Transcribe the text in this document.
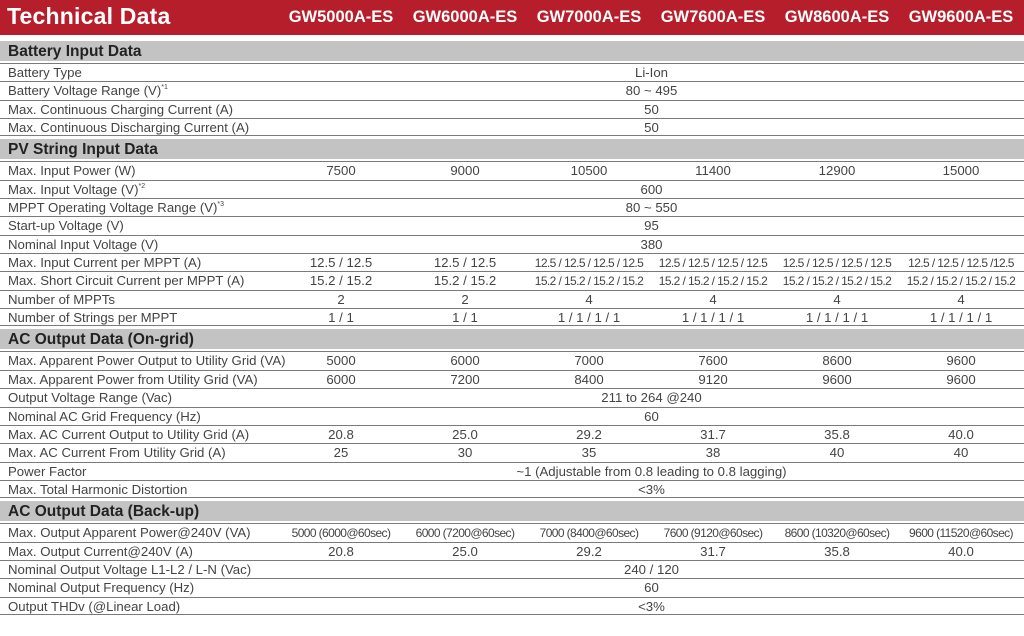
Technical Data	GW5000A-ES	GW6000A-ES	GW7000A-ES	GW7600A-ES	GW8600A-ES	GW9600A-ES
Battery Input Data
Battery Type	Li-Ion
Battery Voltage Range $(V)^{*1}$	80 ~ 495
Max. Continuous Charging Current (A)	50
Max. Continuous Discharging Current (A)	50
PV String Input Data
Max. Input Power (W)	7500	9000	10500	11400	12900	15000
Max. Input Voltage $(V)^{*2}$	600
MPPT Operating Voltage Range $(V)^{*3}$	80 ~ 550
Start-up Voltage (V)	95
Nominal Input Voltage (V)	380
Max. Input Current per MPPT (A)	12.5 / 12.5	12.5 / 12.5	12.5 / 12.5 / 12.5 / 12.5	12.5 / 12.5 / 12.5 / 12.5	12.5 / 12.5 / 12.5 / 12.5	12.5 / 12.5 / 12.5 /12.5
Max. Short Circuit Current per MPPT (A)	15.2 / 15.2	15.2 / 15.2	15.2 / 15.2 / 15.2 / 15.2	15.2 / 15.2 / 15.2 / 15.2	15.2 / 15.2 / 15.2 / 15.2	15.2 / 15.2 / 15.2 / 15.2
Number of MPPTs	2	2	4	4	4	4
Number of Strings per MPPT	1 / 1	1 / 1	1 / 1 / 1 / 1	1 / 1 / 1 / 1	1 / 1 / 1 / 1	1 / 1 / 1 / 1
AC Output Data (On-grid)
Max. Apparent Power Output to Utility Grid (VA)	5000	6000	7000	7600	8600	9600
Max. Apparent Power from Utility Grid (VA)	6000	7200	8400	9120	9600	9600
Output Voltage Range (Vac)	211 to 264 @240
Nominal AC Grid Frequency (Hz)	60
Max. AC Current Output to Utility Grid (A)	20.8	25.0	29.2	31.7	35.8	40.0
Max. AC Current From Utility Grid (A)	25	30	35	38	40	40
Power Factor	~1 (Adjustable from 0.8 leading to 0.8 lagging)
Max. Total Harmonic Distortion	<3%
AC Output Data (Back-up)
Max. Output Apparent Power@240V (VA)	5000 (6000@60sec)	6000 (7200@60sec)	7000 (8400@60sec)	7600 (9120@60sec)	8600 (10320@60sec)	9600 (11520@60sec)
Max. Output Current@240V (A)	20.8	25.0	29.2	31.7	35.8	40.0
Nominal Output Voltage L1-L2 / L-N (Vac)	240 / 120
Nominal Output Frequency (Hz)	60
Output THDv (@Linear Load)	<3%
